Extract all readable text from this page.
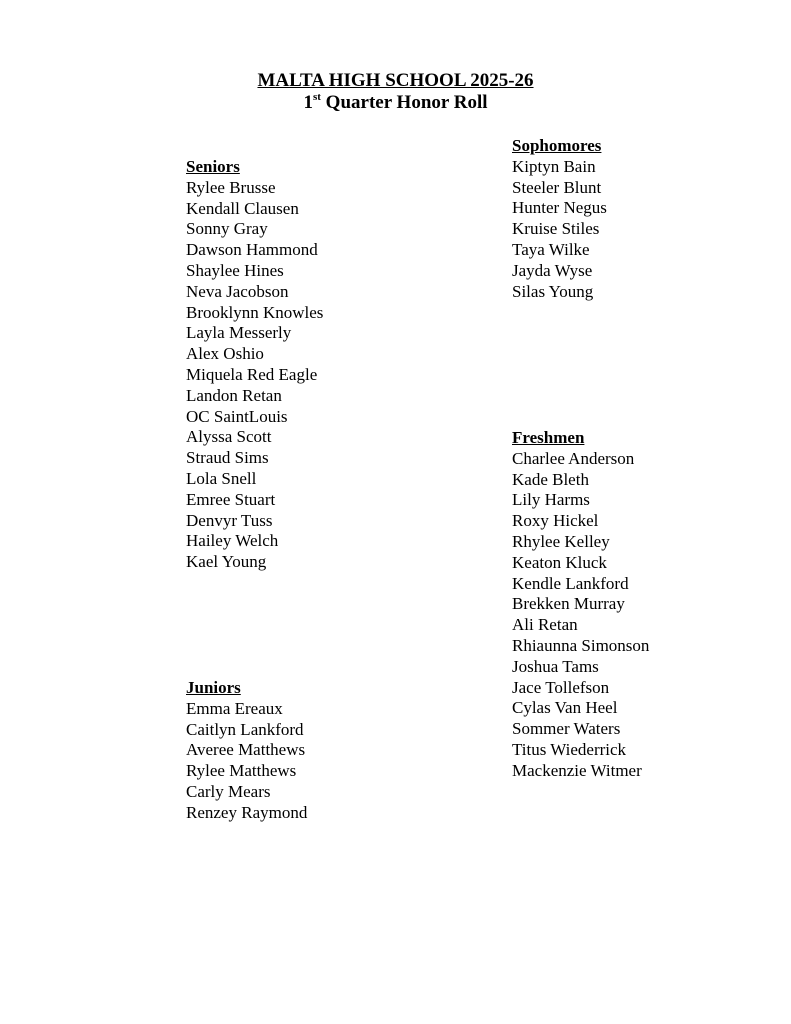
MALTA HIGH SCHOOL 2025-26
1st Quarter Honor Roll
Seniors
Rylee Brusse
Kendall Clausen
Sonny Gray
Dawson Hammond
Shaylee Hines
Neva Jacobson
Brooklynn Knowles
Layla Messerly
Alex Oshio
Miquela Red Eagle
Landon Retan
OC SaintLouis
Alyssa Scott
Straud Sims
Lola Snell
Emree Stuart
Denvyr Tuss
Hailey Welch
Kael Young
Juniors
Emma Ereaux
Caitlyn Lankford
Averee Matthews
Rylee Matthews
Carly Mears
Renzey Raymond
Sophomores
Kiptyn Bain
Steeler Blunt
Hunter Negus
Kruise Stiles
Taya Wilke
Jayda Wyse
Silas Young
Freshmen
Charlee Anderson
Kade Bleth
Lily Harms
Roxy Hickel
Rhylee Kelley
Keaton Kluck
Kendle Lankford
Brekken Murray
Ali Retan
Rhiaunna Simonson
Joshua Tams
Jace Tollefson
Cylas Van Heel
Sommer Waters
Titus Wiederrick
Mackenzie Witmer
